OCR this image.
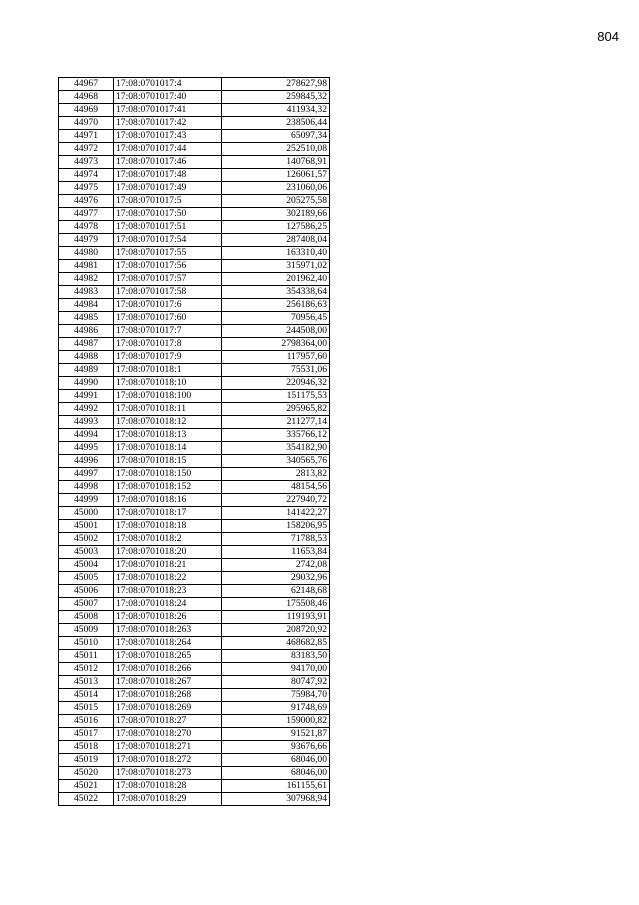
804
44967	17:08:0701017:4	278627,98
44968	17:08:0701017:40	259845,32
44969	17:08:0701017:41	411934,32
44970	17:08:0701017:42	238506,44
44971	17:08:0701017:43	65097,34
44972	17:08:0701017:44	252510,08
44973	17:08:0701017:46	140768,91
44974	17:08:0701017:48	126061,57
44975	17:08:0701017:49	231060,06
44976	17:08:0701017:5	205275,58
44977	17:08:0701017:50	302189,66
44978	17:08:0701017:51	127586,25
44979	17:08:0701017:54	287408,04
44980	17:08:0701017:55	163310,40
44981	17:08:0701017:56	315971,02
44982	17:08:0701017:57	201962,40
44983	17:08:0701017:58	354338,64
44984	17:08:0701017:6	256186,63
44985	17:08:0701017:60	70956,45
44986	17:08:0701017:7	244508,00
44987	17:08:0701017:8	2798364,00
44988	17:08:0701017:9	117957,60
44989	17:08:0701018:1	75531,06
44990	17:08:0701018:10	220946,32
44991	17:08:0701018:100	151175,53
44992	17:08:0701018:11	295965,82
44993	17:08:0701018:12	211277,14
44994	17:08:0701018:13	335766,12
44995	17:08:0701018:14	354182,90
44996	17:08:0701018:15	340565,76
44997	17:08:0701018:150	2813,82
44998	17:08:0701018:152	48154,56
44999	17:08:0701018:16	227940,72
45000	17:08:0701018:17	141422,27
45001	17:08:0701018:18	158206,95
45002	17:08:0701018:2	71788,53
45003	17:08:0701018:20	11653,84
45004	17:08:0701018:21	2742,08
45005	17:08:0701018:22	29032,96
45006	17:08:0701018:23	62148,68
45007	17:08:0701018:24	175508,46
45008	17:08:0701018:26	119193,91
45009	17:08:0701018:263	208720,92
45010	17:08:0701018:264	468682,85
45011	17:08:0701018:265	83183,50
45012	17:08:0701018:266	94170,00
45013	17:08:0701018:267	80747,92
45014	17:08:0701018:268	75984,70
45015	17:08:0701018:269	91748,69
45016	17:08:0701018:27	159000,82
45017	17:08:0701018:270	91521,87
45018	17:08:0701018:271	93676,66
45019	17:08:0701018:272	68046,00
45020	17:08:0701018:273	68046,00
45021	17:08:0701018:28	161155,61
45022	17:08:0701018:29	307968,94
